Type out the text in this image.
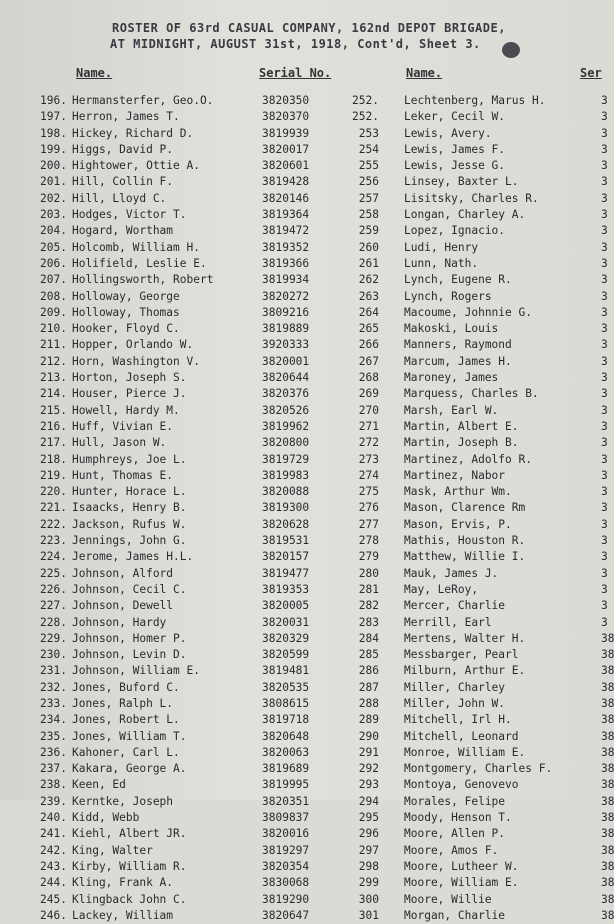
ROSTER OF 63rd CASUAL COMPANY, 162nd DEPOT BRIGADE,
AT MIDNIGHT, AUGUST 31st, 1918, Cont'd, Sheet 3.
Name.	Serial No.	Name.	Ser
196. Hermansterfer, Geo.O.	3820350	252. Lechtenberg, Marus H.	3
197. Herron, James T.	3820370	252. Leker, Cecil W.	3
198. Hickey, Richard D.	3819939	253 Lewis, Avery.	3
199. Higgs, David P.	3820017	254 Lewis, James F.	3
200. Hightower, Ottie A.	3820601	255 Lewis, Jesse G.	3
201. Hill, Collin F.	3819428	256 Linsey, Baxter L.	3
202. Hill, Lloyd C.	3820146	257 Lisitsky, Charles R.	3
203. Hodges, Victor T.	3819364	258 Longan, Charley A.	3
204. Hogard, Wortham	3819472	259 Lopez, Ignacio.	3
205. Holcomb, William H.	3819352	260 Ludi, Henry	3
206. Holifield, Leslie E.	3819366	261 Lunn, Nath.	3
207. Hollingsworth, Robert	3819934	262 Lynch, Eugene R.	3
208. Holloway, George	3820272	263 Lynch, Rogers	3
209. Holloway, Thomas	3809216	264 Macoume, Johnnie G.	3
210. Hooker, Floyd C.	3819889	265 Makoski, Louis	3
211. Hopper, Orlando W.	3920333	266 Manners, Raymond	3
212. Horn, Washington V.	3820001	267 Marcum, James H.	3
213. Horton, Joseph S.	3820644	268 Maroney, James	3
214. Houser, Pierce J.	3820376	269 Marquess, Charles B.	3
215. Howell, Hardy M.	3820526	270 Marsh, Earl W.	3
216. Huff, Vivian E.	3819962	271 Martin, Albert E.	3
217. Hull, Jason W.	3820800	272 Martin, Joseph B.	3
218. Humphreys, Joe L.	3819729	273 Martinez, Adolfo R.	3
219. Hunt, Thomas E.	3819983	274 Martinez, Nabor	3
220. Hunter, Horace L.	3820088	275 Mask, Arthur Wm.	3
221. Isaacks, Henry B.	3819300	276 Mason, Clarence Rm	3
222. Jackson, Rufus W.	3820628	277 Mason, Ervis, P.	3
223. Jennings, John G.	3819531	278 Mathis, Houston R.	3
224. Jerome, James H.L.	3820157	279 Matthew, Willie I.	3
225. Johnson, Alford	3819477	280 Mauk, James J.	3
226. Johnson, Cecil C.	3819353	281 May, LeRoy,	3
227. Johnson, Dewell	3820005	282 Mercer, Charlie	3
228. Johnson, Hardy	3820031	283 Merrill, Earl	3
229. Johnson, Homer P.	3820329	284 Mertens, Walter H.	38
230. Johnson, Levin D.	3820599	285 Messbarger, Pearl	38
231. Johnson, William E.	3819481	286 Milburn, Arthur E.	38
232. Jones, Buford C.	3820535	287 Miller, Charley	38
233. Jones, Ralph L.	3808615	288 Miller, John W.	38
234. Jones, Robert L.	3819718	289 Mitchell, Irl H.	38
235. Jones, William T.	3820648	290 Mitchell, Leonard	38
236. Kahoner, Carl L.	3820063	291 Monroe, William E.	38
237. Kakara, George A.	3819689	292 Montgomery, Charles F.	38
238. Keen, Ed	3819995	293 Montoya, Genovevo	38
239. Kerntke, Joseph	3820351	294 Morales, Felipe	38
240. Kidd, Webb	3809837	295 Moody, Henson T.	38
241. Kiehl, Albert JR.	3820016	296 Moore, Allen P.	38
242. King, Walter	3819297	297 Moore, Amos F.	38
243. Kirby, William R.	3820354	298 Moore, Lutheer W.	38
244. Kling, Frank A.	3830068	299 Moore, William E.	38
245. Klingback John C.	3819290	300 Moore, Willie	38
246. Lackey, William	3820647	301 Morgan, Charlie	38
